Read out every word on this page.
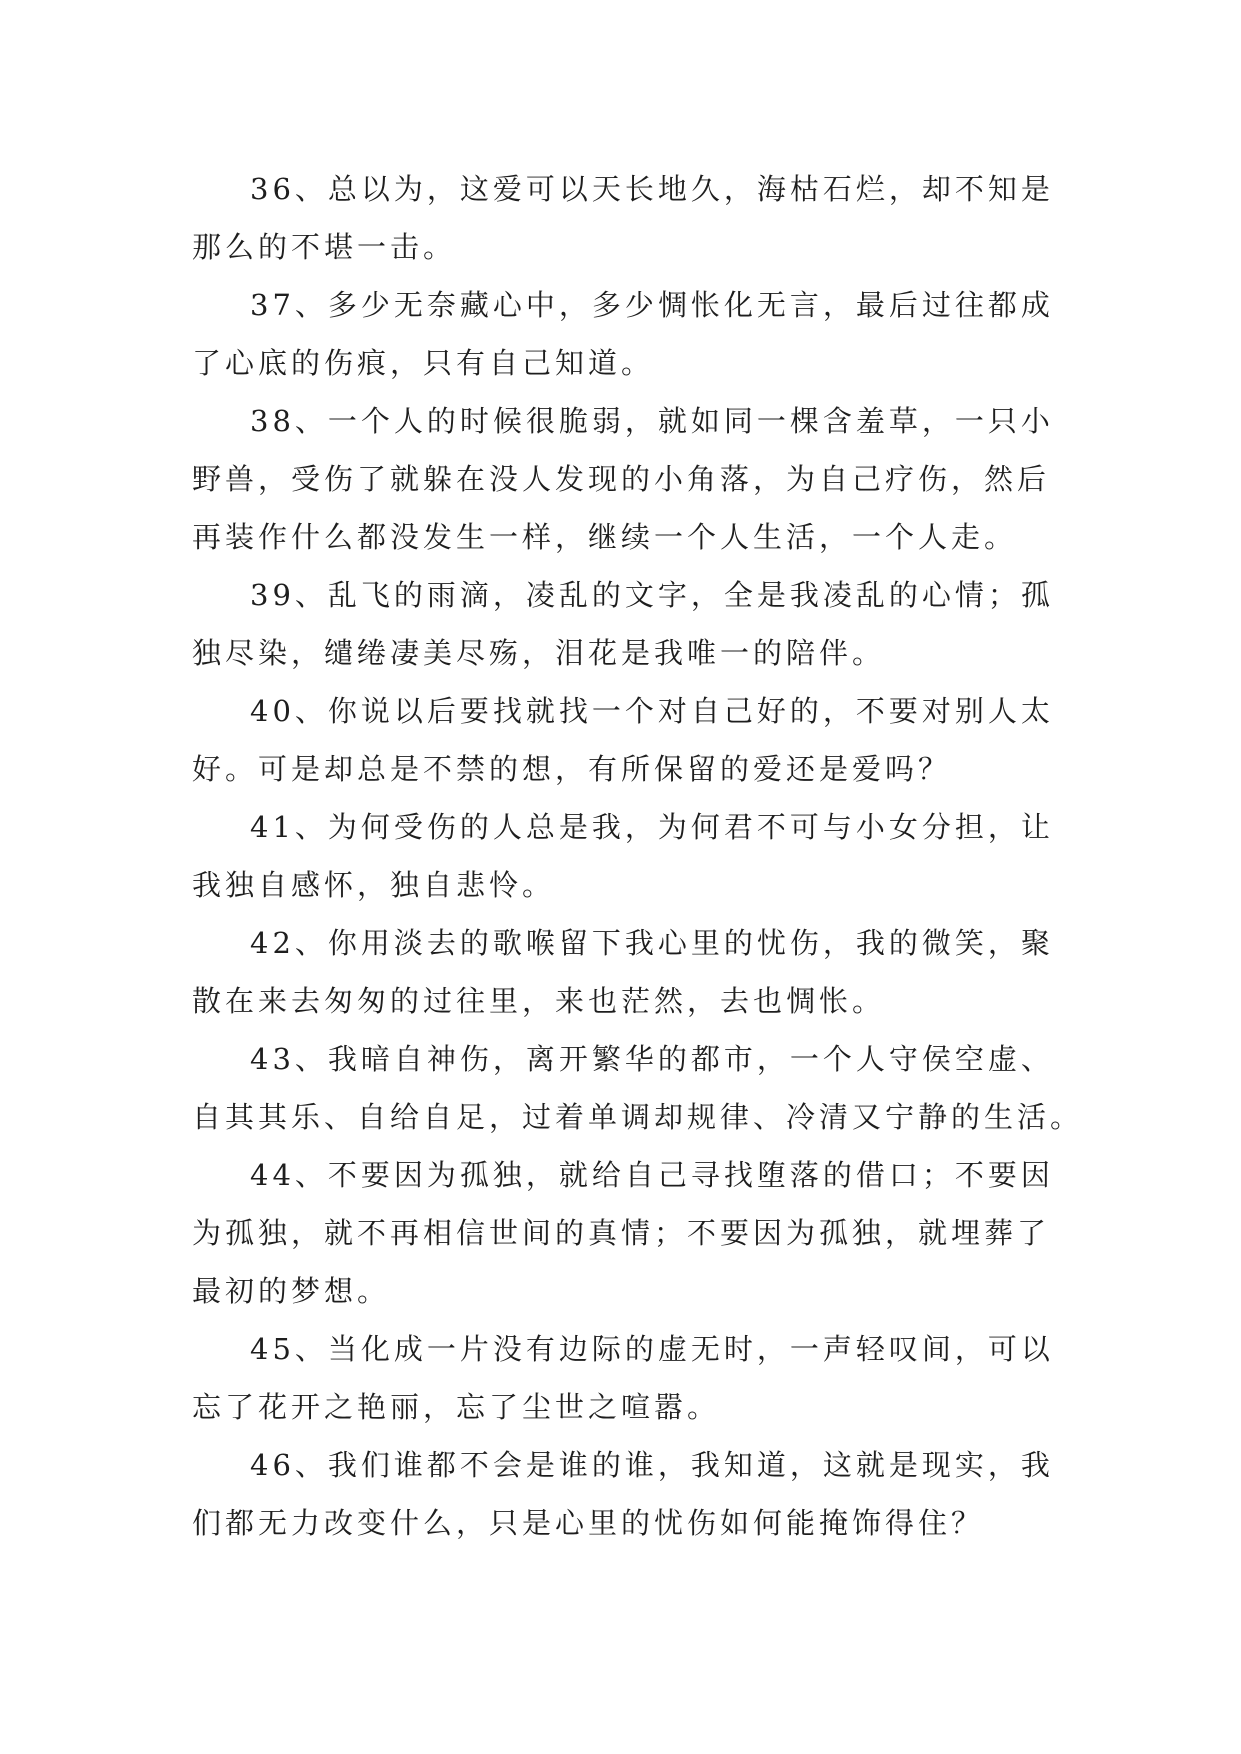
36、总以为，这爱可以天长地久，海枯石烂，却不知是
那么的不堪一击。
37、多少无奈藏心中，多少惆怅化无言，最后过往都成
了心底的伤痕，只有自己知道。
38、一个人的时候很脆弱，就如同一棵含羞草，一只小
野兽，受伤了就躲在没人发现的小角落，为自己疗伤，然后
再装作什么都没发生一样，继续一个人生活，一个人走。
39、乱飞的雨滴，凌乱的文字，全是我凌乱的心情；孤
独尽染，缱绻凄美尽殇，泪花是我唯一的陪伴。
40、你说以后要找就找一个对自己好的，不要对别人太
好。可是却总是不禁的想，有所保留的爱还是爱吗？
41、为何受伤的人总是我，为何君不可与小女分担，让
我独自感怀，独自悲怜。
42、你用淡去的歌喉留下我心里的忧伤，我的微笑，聚
散在来去匆匆的过往里，来也茫然，去也惆怅。
43、我暗自神伤，离开繁华的都市，一个人守侯空虚、
自其其乐、自给自足，过着单调却规律、冷清又宁静的生活。
44、不要因为孤独，就给自己寻找堕落的借口；不要因
为孤独，就不再相信世间的真情；不要因为孤独，就埋葬了
最初的梦想。
45、当化成一片没有边际的虚无时，一声轻叹间，可以
忘了花开之艳丽，忘了尘世之喧嚣。
46、我们谁都不会是谁的谁，我知道，这就是现实，我
们都无力改变什么，只是心里的忧伤如何能掩饰得住？
